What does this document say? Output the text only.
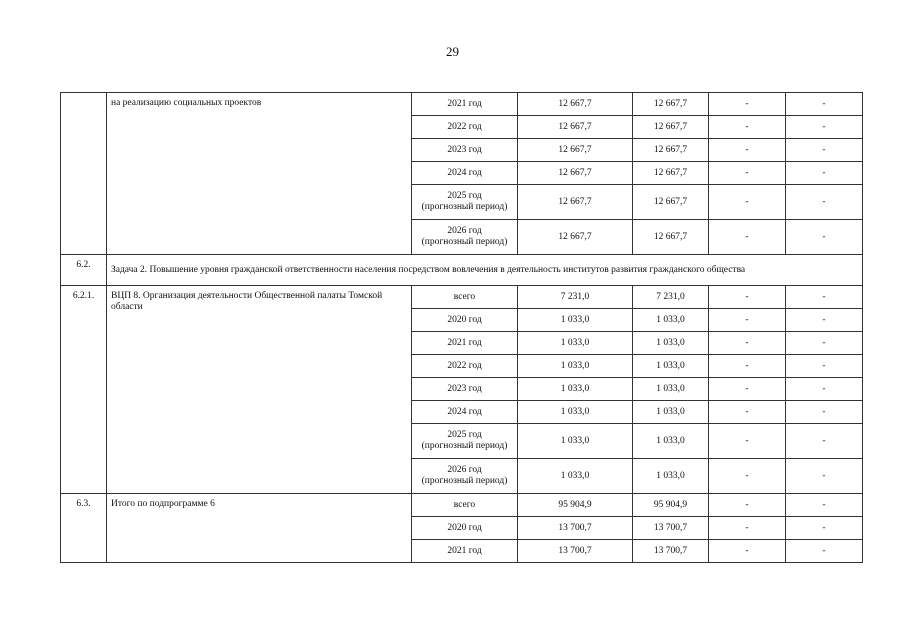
29
	на реализацию социальных проектов	2021 год	12 667,7	12 667,7	-	-

		2022 год	12 667,7	12 667,7	-	-

		2023 год	12 667,7	12 667,7	-	-

		2024 год	12 667,7	12 667,7	-	-

		2025 год
(прогнозный период)	12 667,7	12 667,7	-	-

		2026 год
(прогнозный период)	12 667,7	12 667,7	-	-
6.2.	Задача 2. Повышение уровня гражданской ответственности населения посредством вовлечения в деятельность институтов развития гражданского общества					
6.2.1.	ВЦП 8. Организация деятельности Общественной палаты Томской области	всего	7 231,0	7 231,0	-	-

		2020 год	1 033,0	1 033,0	-	-

		2021 год	1 033,0	1 033,0	-	-

		2022 год	1 033,0	1 033,0	-	-

		2023 год	1 033,0	1 033,0	-	-

		2024 год	1 033,0	1 033,0	-	-

		2025 год
(прогнозный период)	1 033,0	1 033,0	-	-

		2026 год
(прогнозный период)	1 033,0	1 033,0	-	-
6.3.	Итого по подпрограмме 6	всего	95 904,9	95 904,9	-	-

		2020 год	13 700,7	13 700,7	-	-

		2021 год	13 700,7	13 700,7	-	-
